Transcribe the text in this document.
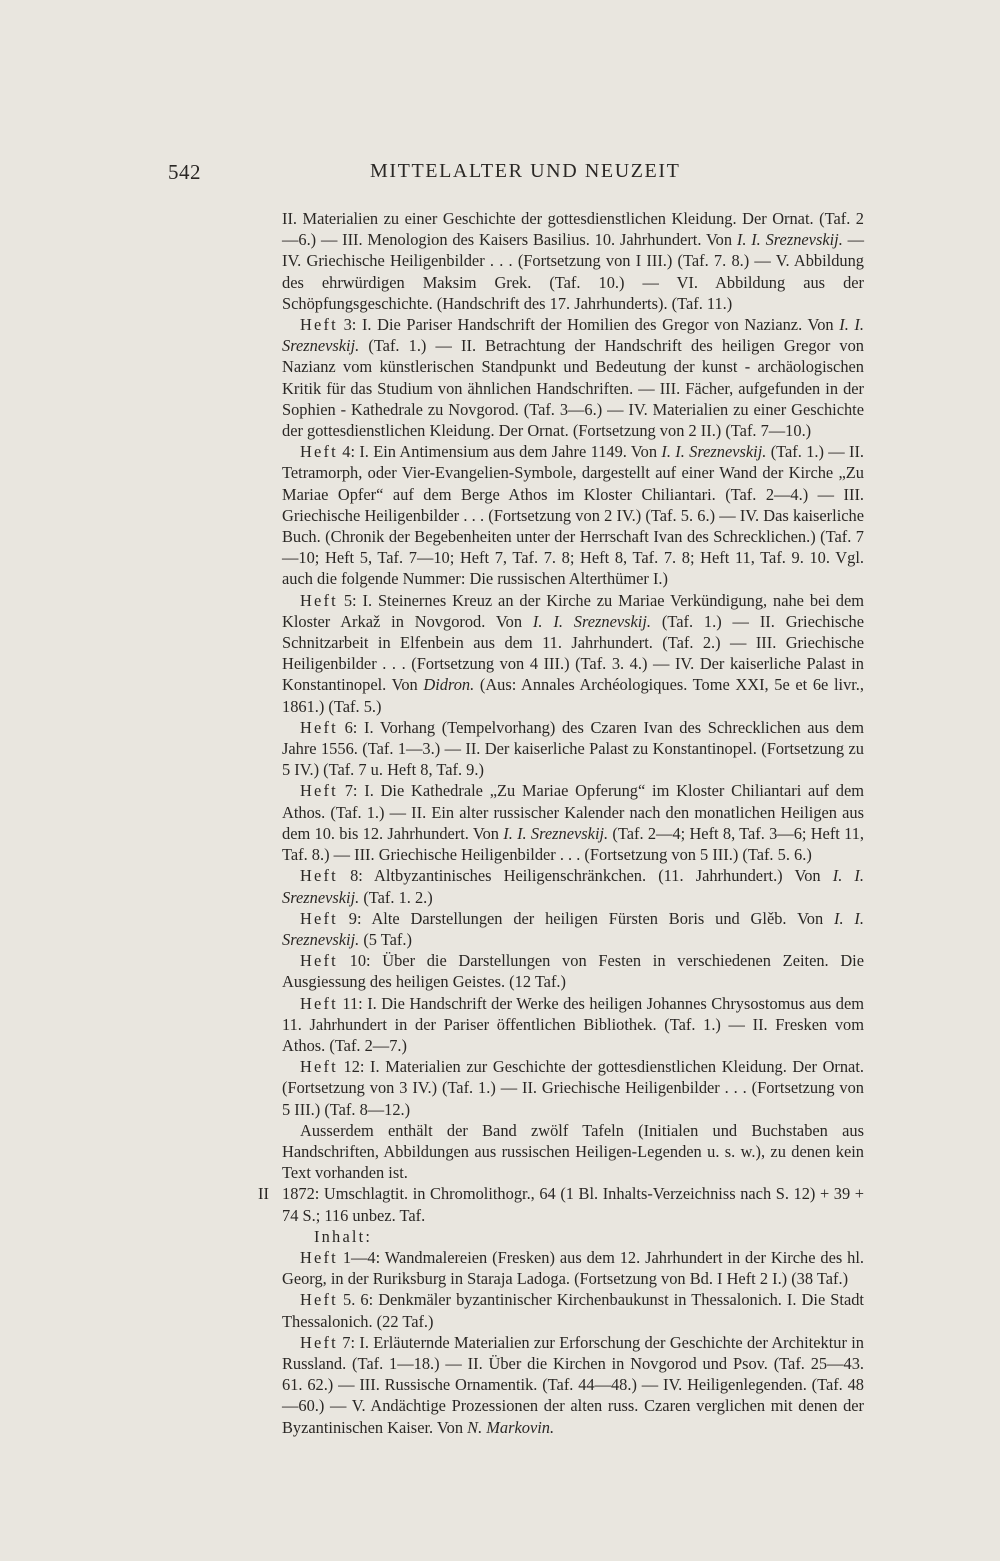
542	MITTELALTER UND NEUZEIT

II. Materialien zu einer Geschichte der gottesdienstlichen Kleidung. Der Ornat. (Taf. 2—6.) — III. Menologion des Kaisers Basilius. 10. Jahrhundert. Von I. I. Sreznevskij. — IV. Griechische Heiligenbilder . . . (Fortsetzung von I III.) (Taf. 7. 8.) — V. Abbildung des ehrwürdigen Maksim Grek. (Taf. 10.) — VI. Abbildung aus der Schöpfungsgeschichte. (Handschrift des 17. Jahrhunderts). (Taf. 11.)

Heft 3: I. Die Pariser Handschrift der Homilien des Gregor von Nazianz. Von I. I. Sreznevskij. (Taf. 1.) — II. Betrachtung der Handschrift des heiligen Gregor von Nazianz vom künstlerischen Standpunkt und Bedeutung der kunst - archäologischen Kritik für das Studium von ähnlichen Handschriften. — III. Fächer, aufgefunden in der Sophien - Kathedrale zu Novgorod. (Taf. 3—6.) — IV. Materialien zu einer Geschichte der gottesdienstlichen Kleidung. Der Ornat. (Fortsetzung von 2 II.) (Taf. 7—10.)

Heft 4: I. Ein Antimensium aus dem Jahre 1149. Von I. I. Sreznevskij. (Taf. 1.) — II. Tetramorph, oder Vier-Evangelien-Symbole, dargestellt auf einer Wand der Kirche „Zu Mariae Opfer“ auf dem Berge Athos im Kloster Chiliantari. (Taf. 2—4.) — III. Griechische Heiligenbilder . . . (Fortsetzung von 2 IV.) (Taf. 5. 6.) — IV. Das kaiserliche Buch. (Chronik der Begebenheiten unter der Herrschaft Ivan des Schrecklichen.) (Taf. 7—10; Heft 5, Taf. 7—10; Heft 7, Taf. 7. 8; Heft 8, Taf. 7. 8; Heft 11, Taf. 9. 10. Vgl. auch die folgende Nummer: Die russischen Alterthümer I.)

Heft 5: I. Steinernes Kreuz an der Kirche zu Mariae Verkündigung, nahe bei dem Kloster Arkaž in Novgorod. Von I. I. Sreznevskij. (Taf. 1.) — II. Griechische Schnitzarbeit in Elfenbein aus dem 11. Jahrhundert. (Taf. 2.) — III. Griechische Heiligenbilder . . . (Fortsetzung von 4 III.) (Taf. 3. 4.) — IV. Der kaiserliche Palast in Konstantinopel. Von Didron. (Aus: Annales Archéologiques. Tome XXI, 5e et 6e livr., 1861.) (Taf. 5.)

Heft 6: I. Vorhang (Tempelvorhang) des Czaren Ivan des Schrecklichen aus dem Jahre 1556. (Taf. 1—3.) — II. Der kaiserliche Palast zu Konstantinopel. (Fortsetzung zu 5 IV.) (Taf. 7 u. Heft 8, Taf. 9.)

Heft 7: I. Die Kathedrale „Zu Mariae Opferung“ im Kloster Chiliantari auf dem Athos. (Taf. 1.) — II. Ein alter russischer Kalender nach den monatlichen Heiligen aus dem 10. bis 12. Jahrhundert. Von I. I. Sreznevskij. (Taf. 2—4; Heft 8, Taf. 3—6; Heft 11, Taf. 8.) — III. Griechische Heiligenbilder . . . (Fortsetzung von 5 III.) (Taf. 5. 6.)

Heft 8: Altbyzantinisches Heiligenschränkchen. (11. Jahrhundert.) Von I. I. Sreznevskij. (Taf. 1. 2.)

Heft 9: Alte Darstellungen der heiligen Fürsten Boris und Glěb. Von I. I. Sreznevskij. (5 Taf.)

Heft 10: Über die Darstellungen von Festen in verschiedenen Zeiten. Die Ausgiessung des heiligen Geistes. (12 Taf.)

Heft 11: I. Die Handschrift der Werke des heiligen Johannes Chrysostomus aus dem 11. Jahrhundert in der Pariser öffentlichen Bibliothek. (Taf. 1.) — II. Fresken vom Athos. (Taf. 2—7.)

Heft 12: I. Materialien zur Geschichte der gottesdienstlichen Kleidung. Der Ornat. (Fortsetzung von 3 IV.) (Taf. 1.) — II. Griechische Heiligenbilder . . . (Fortsetzung von 5 III.) (Taf. 8—12.)

Ausserdem enthält der Band zwölf Tafeln (Initialen und Buchstaben aus Handschriften, Abbildungen aus russischen Heiligen-Legenden u. s. w.), zu denen kein Text vorhanden ist.

II 1872: Umschlagtit. in Chromolithogr., 64 (1 Bl. Inhalts-Verzeichniss nach S. 12) + 39 + 74 S.; 116 unbez. Taf.

Inhalt:

Heft 1—4: Wandmalereien (Fresken) aus dem 12. Jahrhundert in der Kirche des hl. Georg, in der Ruriksburg in Staraja Ladoga. (Fortsetzung von Bd. I Heft 2 I.) (38 Taf.)

Heft 5. 6: Denkmäler byzantinischer Kirchenbaukunst in Thessalonich. I. Die Stadt Thessalonich. (22 Taf.)

Heft 7: I. Erläuternde Materialien zur Erforschung der Geschichte der Architektur in Russland. (Taf. 1—18.) — II. Über die Kirchen in Novgorod und Psov. (Taf. 25—43. 61. 62.) — III. Russische Ornamentik. (Taf. 44—48.) — IV. Heiligenlegenden. (Taf. 48—60.) — V. Andächtige Prozessionen der alten russ. Czaren verglichen mit denen der Byzantinischen Kaiser. Von N. Markovin.
